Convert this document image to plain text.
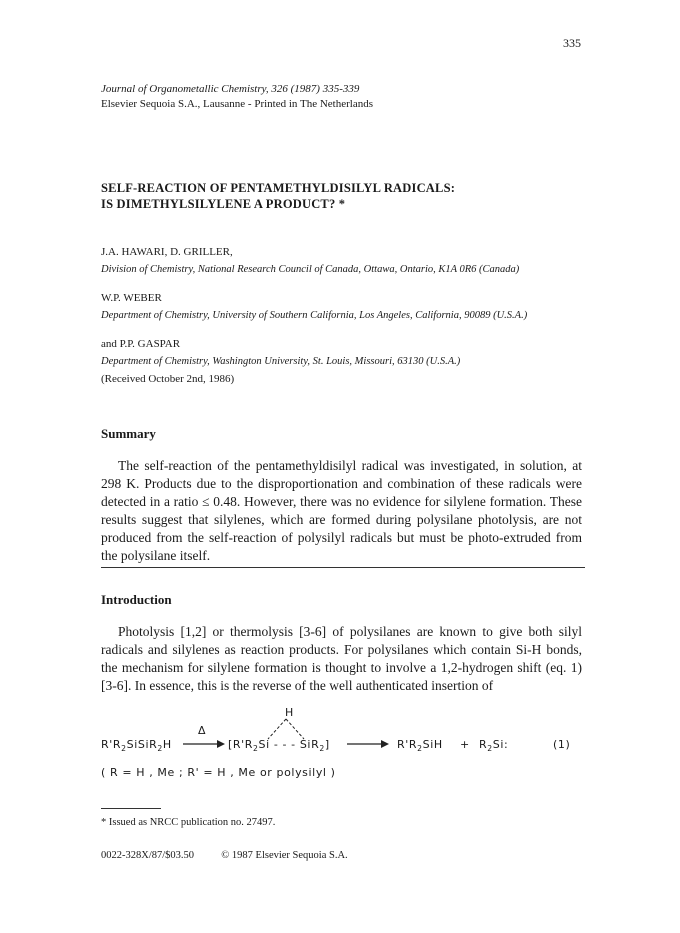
335
Journal of Organometallic Chemistry, 326 (1987) 335-339
Elsevier Sequoia S.A., Lausanne - Printed in The Netherlands
SELF-REACTION OF PENTAMETHYLDISILYL RADICALS:
IS DIMETHYLSILYLENE A PRODUCT? *
J.A. HAWARI, D. GRILLER,
Division of Chemistry, National Research Council of Canada, Ottawa, Ontario, K1A 0R6 (Canada)
W.P. WEBER
Department of Chemistry, University of Southern California, Los Angeles, California, 90089 (U.S.A.)
and P.P. GASPAR
Department of Chemistry, Washington University, St. Louis, Missouri, 63130 (U.S.A.)
(Received October 2nd, 1986)
Summary

The self-reaction of the pentamethyldisilyl radical was investigated, in solution, at 298 K. Products due to the disproportionation and combination of these radicals were detected in a ratio ≤ 0.48. However, there was no evidence for silylene formation. These results suggest that silylenes, which are formed during polysilane photolysis, are not produced from the self-reaction of polysilyl radicals but must be photo-extruded from the polysilane itself.

Introduction

Photolysis [1,2] or thermolysis [3-6] of polysilanes are known to give both silyl radicals and silylenes as reaction products. For polysilanes which contain Si-H bonds, the mechanism for silylene formation is thought to involve a 1,2-hydrogen shift (eq. 1) [3-6]. In essence, this is the reverse of the well authenticated insertion of

H
$R'R_2SiSiR_2H$
Δ
[$R'R_2Si$ - - - SiR$_2$]	$R'R_2SiH + R_2Si$:	(1)
( R = H , Me ; R' = H , Me or polysilyl )
* Issued as NRCC publication no. 27497.
0022-328X/87/$03.50	© 1987 Elsevier Sequoia S.A.
